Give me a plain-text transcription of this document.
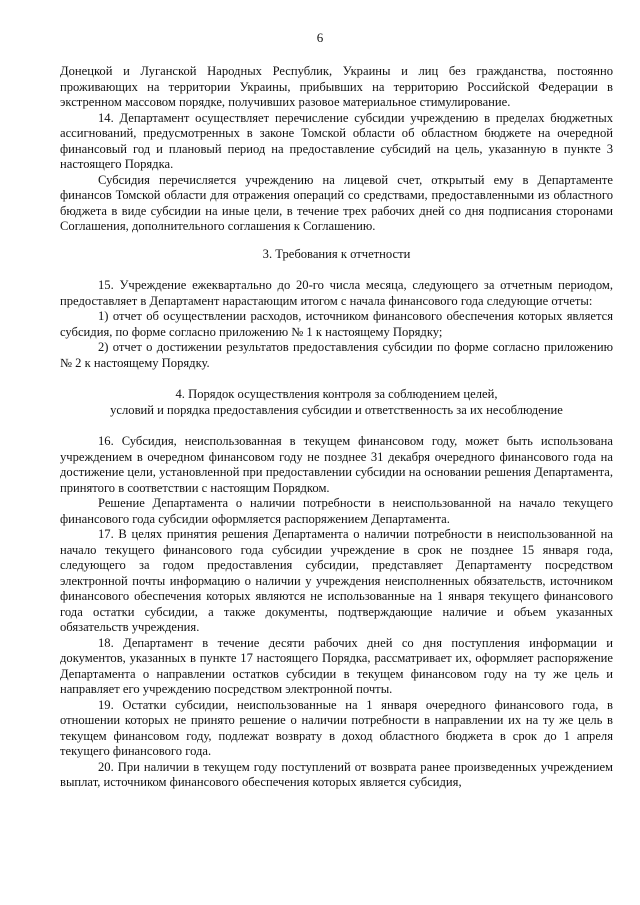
6

Донецкой и Луганской Народных Республик, Украины и лиц без гражданства, постоянно проживающих на территории Украины, прибывших на территорию Российской Федерации в экстренном массовом порядке, получивших разовое материальное стимулирование.

14. Департамент осуществляет перечисление субсидии учреждению в пределах бюджетных ассигнований, предусмотренных в законе Томской области об областном бюджете на очередной финансовый год и плановый период на предоставление субсидий на цель, указанную в пункте 3 настоящего Порядка.

Субсидия перечисляется учреждению на лицевой счет, открытый ему в Департаменте финансов Томской области для отражения операций со средствами, предоставленными из областного бюджета в виде субсидии на иные цели, в течение трех рабочих дней со дня подписания сторонами Соглашения, дополнительного соглашения к Соглашению.

3. Требования к отчетности

15. Учреждение ежеквартально до 20-го числа месяца, следующего за отчетным периодом, предоставляет в Департамент нарастающим итогом с начала финансового года следующие отчеты:

1) отчет об осуществлении расходов, источником финансового обеспечения которых является субсидия, по форме согласно приложению № 1 к настоящему Порядку;

2) отчет о достижении результатов предоставления субсидии по форме согласно приложению № 2 к настоящему Порядку.

4. Порядок осуществления контроля за соблюдением целей,

условий и порядка предоставления субсидии и ответственность за их несоблюдение

16. Субсидия, неиспользованная в текущем финансовом году, может быть использована учреждением в очередном финансовом году не позднее 31 декабря очередного финансового года на достижение цели, установленной при предоставлении субсидии на основании решения Департамента, принятого в соответствии с настоящим Порядком.

Решение Департамента о наличии потребности в неиспользованной на начало текущего финансового года субсидии оформляется распоряжением Департамента.

17. В целях принятия решения Департамента о наличии потребности в неиспользованной на начало текущего финансового года субсидии учреждение в срок не позднее 15 января года, следующего за годом предоставления субсидии, представляет Департаменту посредством электронной почты информацию о наличии у учреждения неисполненных обязательств, источником финансового обеспечения которых являются не использованные на 1 января текущего финансового года остатки субсидии, а также документы, подтверждающие наличие и объем указанных обязательств учреждения.

18. Департамент в течение десяти рабочих дней со дня поступления информации и документов, указанных в пункте 17 настоящего Порядка, рассматривает их, оформляет распоряжение Департамента о направлении остатков субсидии в текущем финансовом году на ту же цель и направляет его учреждению посредством электронной почты.

19. Остатки субсидии, неиспользованные на 1 января очередного финансового года, в отношении которых не принято решение о наличии потребности в направлении их на ту же цель в текущем финансовом году, подлежат возврату в доход областного бюджета в срок до 1 апреля текущего финансового года.

20. При наличии в текущем году поступлений от возврата ранее произведенных учреждением выплат, источником финансового обеспечения которых является субсидия,
